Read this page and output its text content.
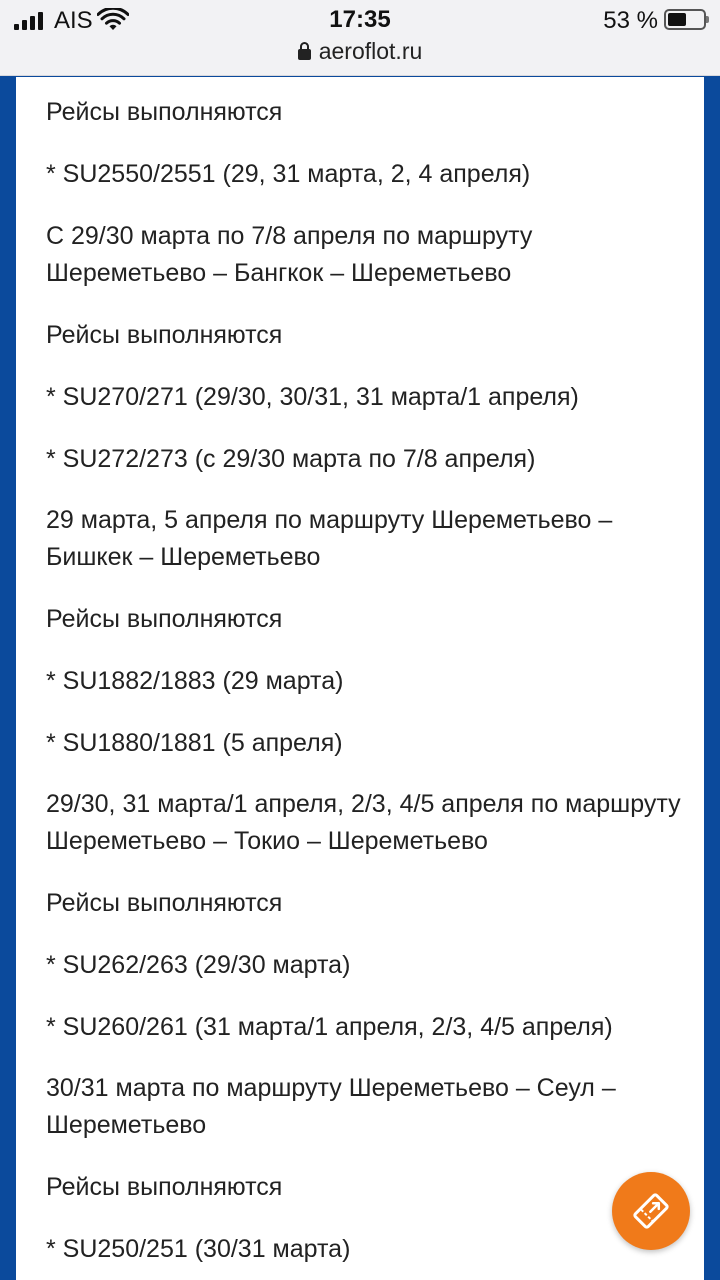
AIS	17:35	53 %
aeroflot.ru

Рейсы выполняются

* SU2550/2551 (29, 31 марта, 2, 4 апреля)

С 29/30 марта по 7/8 апреля по маршруту Шереметьево – Бангкок – Шереметьево

Рейсы выполняются

* SU270/271 (29/30, 30/31, 31 марта/1 апреля)

* SU272/273 (с 29/30 марта по 7/8 апреля)

29 марта, 5 апреля по маршруту Шереметьево – Бишкек – Шереметьево

Рейсы выполняются

* SU1882/1883 (29 марта)

* SU1880/1881 (5 апреля)

29/30, 31 марта/1 апреля, 2/3, 4/5 апреля по маршруту Шереметьево – Токио – Шереметьево

Рейсы выполняются

* SU262/263 (29/30 марта)

* SU260/261 (31 марта/1 апреля, 2/3, 4/5 апреля)

30/31 марта по маршруту Шереметьево – Сеул – Шереметьево

Рейсы выполняются

* SU250/251 (30/31 марта)
